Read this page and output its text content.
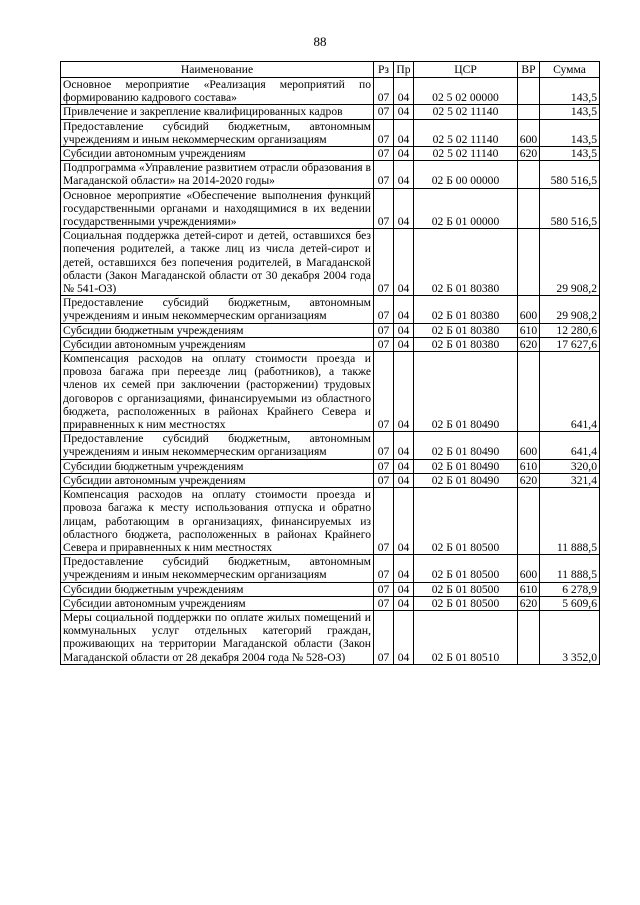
88
Наименование	Рз	Пр	ЦСР	ВР	Сумма
Основное мероприятие «Реализация мероприятий по формированию кадрового состава»	07	04	02 5 02 00000		143,5
Привлечение и закрепление квалифицированных кадров	07	04	02 5 02 11140		143,5
Предоставление субсидий бюджетным, автономным учреждениям и иным некоммерческим организациям	07	04	02 5 02 11140	600	143,5
Субсидии автономным учреждениям	07	04	02 5 02 11140	620	143,5
Подпрограмма «Управление развитием отрасли образования в Магаданской области» на 2014-2020 годы»	07	04	02 Б 00 00000		580 516,5
Основное мероприятие «Обеспечение выполнения функций государственными органами и находящимися в их ведении государственными учреждениями»	07	04	02 Б 01 00000		580 516,5
Социальная поддержка детей-сирот и детей, оставшихся без попечения родителей, а также лиц из числа детей-сирот и детей, оставшихся без попечения родителей, в Магаданской области (Закон Магаданской области от 30 декабря 2004 года № 541-ОЗ)	07	04	02 Б 01 80380		29 908,2
Предоставление субсидий бюджетным, автономным учреждениям и иным некоммерческим организациям	07	04	02 Б 01 80380	600	29 908,2
Субсидии бюджетным учреждениям	07	04	02 Б 01 80380	610	12 280,6
Субсидии автономным учреждениям	07	04	02 Б 01 80380	620	17 627,6
Компенсация расходов на оплату стоимости проезда и провоза багажа при переезде лиц (работников), а также членов их семей при заключении (расторжении) трудовых договоров с организациями, финансируемыми из областного бюджета, расположенных в районах Крайнего Севера и приравненных к ним местностях	07	04	02 Б 01 80490		641,4
Предоставление субсидий бюджетным, автономным учреждениям и иным некоммерческим организациям	07	04	02 Б 01 80490	600	641,4
Субсидии бюджетным учреждениям	07	04	02 Б 01 80490	610	320,0
Субсидии автономным учреждениям	07	04	02 Б 01 80490	620	321,4
Компенсация расходов на оплату стоимости проезда и провоза багажа к месту использования отпуска и обратно лицам, работающим в организациях, финансируемых из областного бюджета, расположенных в районах Крайнего Севера и приравненных к ним местностях	07	04	02 Б 01 80500		11 888,5
Предоставление субсидий бюджетным, автономным учреждениям и иным некоммерческим организациям	07	04	02 Б 01 80500	600	11 888,5
Субсидии бюджетным учреждениям	07	04	02 Б 01 80500	610	6 278,9
Субсидии автономным учреждениям	07	04	02 Б 01 80500	620	5 609,6
Меры социальной поддержки по оплате жилых помещений и коммунальных услуг отдельных категорий граждан, проживающих на территории Магаданской области (Закон Магаданской области от 28 декабря 2004 года № 528-ОЗ)	07	04	02 Б 01 80510		3 352,0
